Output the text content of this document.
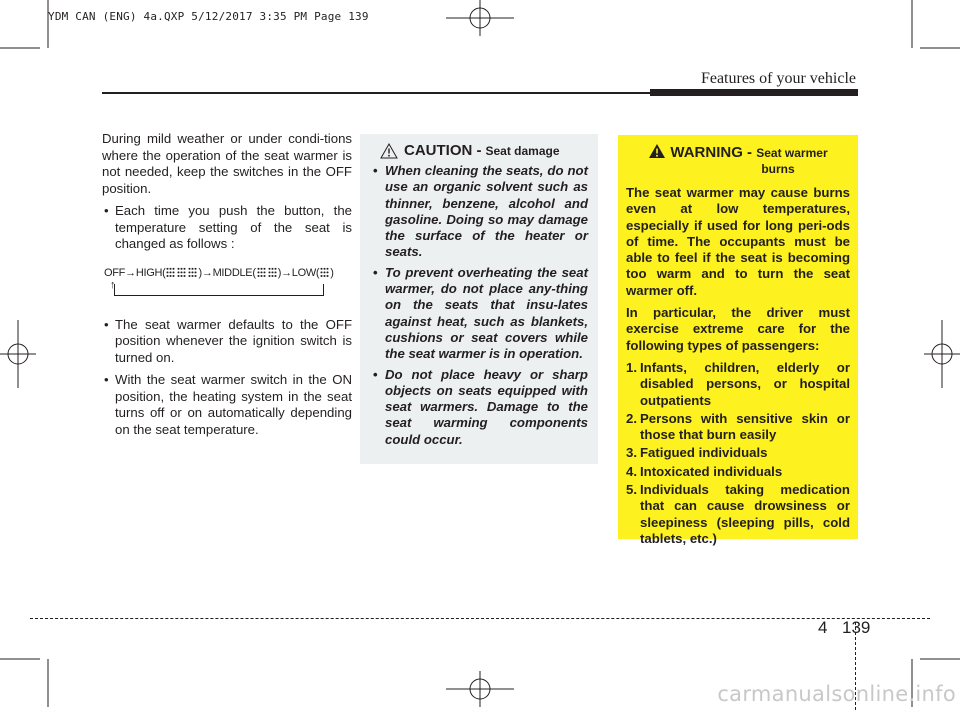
YDM CAN (ENG) 4a.QXP 5/12/2017 3:35 PM Page 139
Features of your vehicle

During mild weather or under condi-tions where the operation of the seat warmer is not needed, keep the switches in the OFF position.

• Each time you push the button, the temperature setting of the seat is changed as follows :
OFF→HIGH(	)→MIDDLE( )→LOW( )
↑
• The seat warmer defaults to the OFF position whenever the ignition switch is turned on.
• With the seat warmer switch in the ON position, the heating system in the seat turns off or on automatically depending on the seat temperature.
CAUTION - Seat damage
• When cleaning the seats, do not use an organic solvent such as thinner, benzene, alcohol and gasoline. Doing so may damage the surface of the heater or seats.
• To prevent overheating the seat warmer, do not place any-thing on the seats that insu-lates against heat, such as blankets, cushions or seat covers while the seat warmer is in operation.
• Do not place heavy or sharp objects on seats equipped with seat warmers. Damage to the seat warming components could occur.
WARNING - Seat warmer
burns

The seat warmer may cause burns even at low temperatures, especially if used for long peri-ods of time. The occupants must be able to feel if the seat is becoming too warm and to turn the seat warmer off.

In particular, the driver must exercise extreme care for the following types of passengers:

1. Infants, children, elderly or disabled persons, or hospital outpatients
2. Persons with sensitive skin or those that burn easily
3. Fatigued individuals
4. Intoxicated individuals
5. Individuals taking medication that can cause drowsiness or sleepiness (sleeping pills, cold tablets, etc.)
4 139
carmanualsonline.info
